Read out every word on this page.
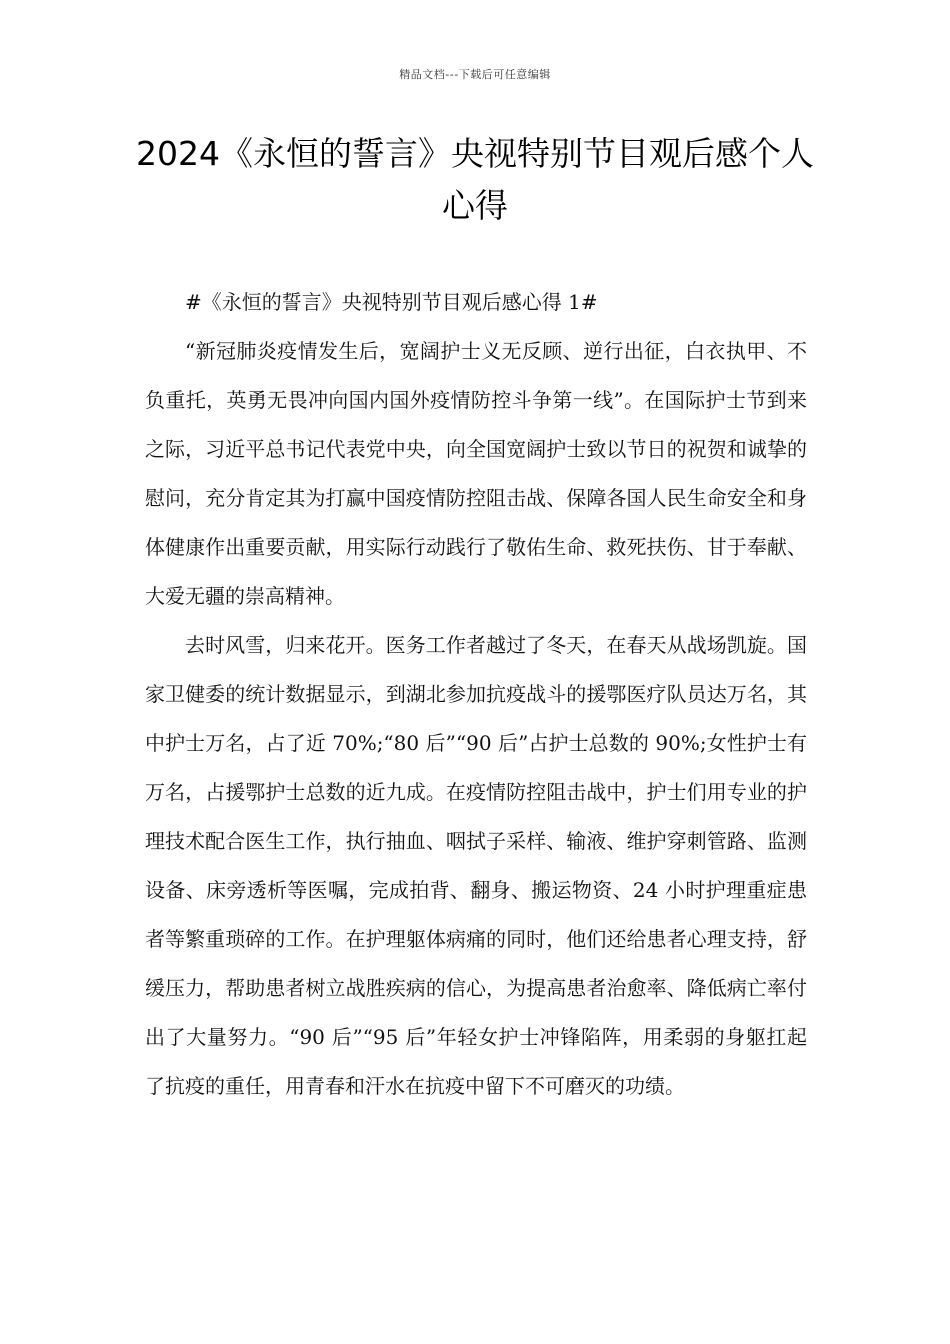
精品文档---下载后可任意编辑
2024《永恒的誓言》央视特别节目观后感个人心得

#《永恒的誓言》央视特别节目观后感心得 1#

“新冠肺炎疫情发生后，宽阔护士义无反顾、逆行出征，白衣执甲、不负重托，英勇无畏冲向国内国外疫情防控斗争第一线”。在国际护士节到来之际，习近平总书记代表党中央，向全国宽阔护士致以节日的祝贺和诚挚的慰问，充分肯定其为打赢中国疫情防控阻击战、保障各国人民生命安全和身体健康作出重要贡献，用实际行动践行了敬佑生命、救死扶伤、甘于奉献、大爱无疆的崇高精神。

去时风雪，归来花开。医务工作者越过了冬天，在春天从战场凯旋。国家卫健委的统计数据显示，到湖北参加抗疫战斗的援鄂医疗队员达万名，其中护士万名，占了近 70%;“80 后”“90 后”占护士总数的 90%;女性护士有万名，占援鄂护士总数的近九成。在疫情防控阻击战中，护士们用专业的护理技术配合医生工作，执行抽血、咽拭子采样、输液、维护穿刺管路、监测设备、床旁透析等医嘱，完成拍背、翻身、搬运物资、24 小时护理重症患者等繁重琐碎的工作。在护理躯体病痛的同时，他们还给患者心理支持，舒缓压力，帮助患者树立战胜疾病的信心，为提高患者治愈率、降低病亡率付出了大量努力。“90 后”“95 后”年轻女护士冲锋陷阵，用柔弱的身躯扛起了抗疫的重任，用青春和汗水在抗疫中留下不可磨灭的功绩。
